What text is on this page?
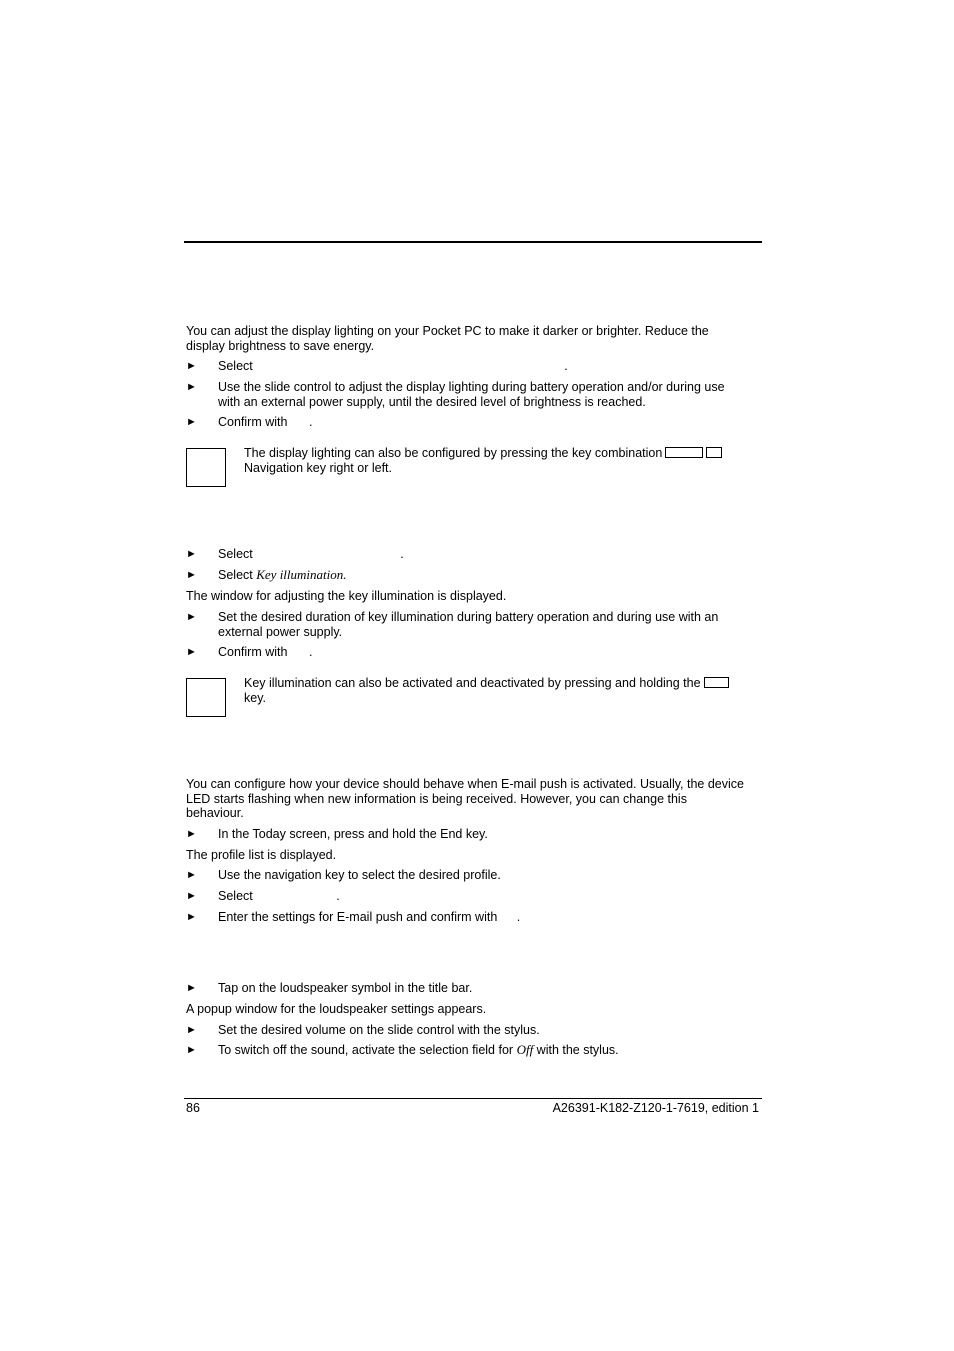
You can adjust the display lighting on your Pocket PC to make it darker or brighter. Reduce the display brightness to save energy.
►	Select	.
►	Use the slide control to adjust the display lighting during battery operation and/or during use with an external power supply, until the desired level of brightness is reached.
►	Confirm with .
The display lighting can also be configured by pressing the key combination
Navigation key right or left.
►	Select	.
►	Select Key illumination.
The window for adjusting the key illumination is displayed.
►	Set the desired duration of key illumination during battery operation and during use with an external power supply.
►	Confirm with .
Key illumination can also be activated and deactivated by pressing and holding the
key.
You can configure how your device should behave when E-mail push is activated. Usually, the device LED starts flashing when new information is being received. However, you can change this behaviour.
►	In the Today screen, press and hold the End key.
The profile list is displayed.
►	Use the navigation key to select the desired profile.
►	Select	.
►	Enter the settings for E-mail push and confirm with .
►	Tap on the loudspeaker symbol in the title bar.
A popup window for the loudspeaker settings appears.
►	Set the desired volume on the slide control with the stylus.
►	To switch off the sound, activate the selection field for Off with the stylus.
86	A26391-K182-Z120-1-7619, edition 1
